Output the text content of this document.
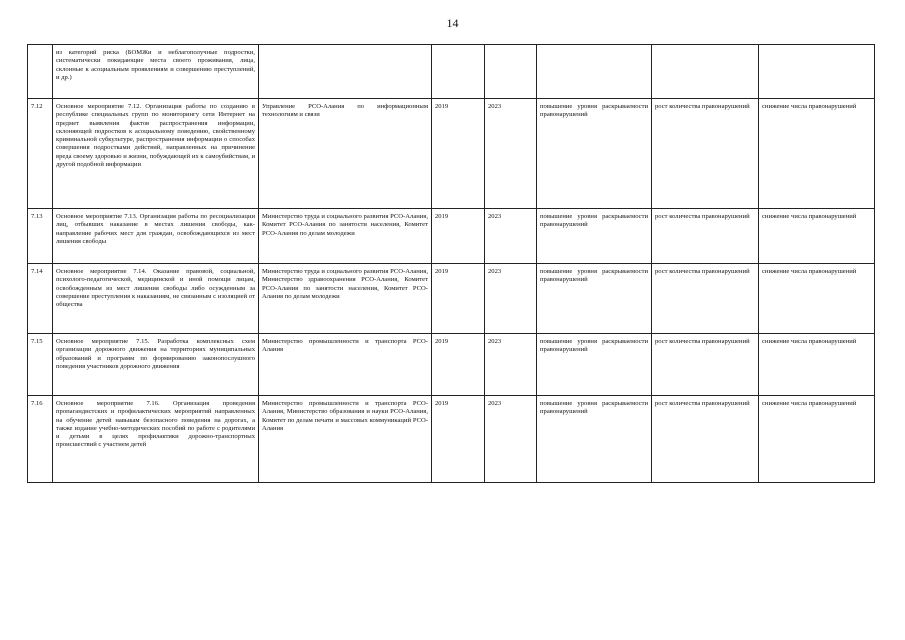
14
	из категорий риска (БОМЖи и неблагополучные подростки, систематически покидающие места своего проживания, лица, склонные к асоциальным проявлениям и совершению преступлений, и др.)						
7.12	Основное мероприятие 7.12. Организация работы по созданию в республике специальных групп по мониторингу сети Интернет на предмет выявления фактов распространения информации, склоняющей подростков к асоциальному поведению, свойственному криминальной субкультуре, распространения информации о способах совершения подростками действий, направленных на причинение вреда своему здоровью и жизни, побуждающей их к самоубийствам, и другой подобной информации	Управление РСО-Алания по информационным технологиям и связи	2019	2023	повышение уровня раскрываемости правонарушений	рост количества правонарушений	снижение числа правонарушений
7.13	Основное мероприятие 7.13. Организация работы по ресоциализации лиц, отбывших наказание в местах лишения свободы, как-направление рабочих мест для граждан, освобождающихся из мест лишения свободы	Министерство труда и социального развития РСО-Алания, Комитет РСО-Алания по занятости населения, Комитет РСО-Алания по делам молодежи	2019	2023	повышение уровня раскрываемости правонарушений	рост количества правонарушений	снижение числа правонарушений
7.14	Основное мероприятие 7.14. Оказание правовой, социальной, психолого-педагогической, медицинской и иной помощи лицам, освобожденным из мест лишения свободы либо осужденным за совершение преступления к наказаниям, не связанным с изоляцией от общества	Министерство труда и социального развития РСО-Алания, Министерство здравоохранения РСО-Алания, Комитет РСО-Алания по занятости населения, Комитет РСО-Алания по делам молодежи	2019	2023	повышение уровня раскрываемости правонарушений	рост количества правонарушений	снижение числа правонарушений
7.15	Основное мероприятие 7.15. Разработка комплексных схем организации дорожного движения на территориях муниципальных образований и программ по формированию законопослушного поведения участников дорожного движения	Министерство промышленности и транспорта РСО-Алания	2019	2023	повышение уровня раскрываемости правонарушений	рост количества правонарушений	снижение числа правонарушений
7.16	Основное мероприятие 7.16. Организация проведения пропагандистских и профилактических мероприятий направленных на обучение детей навыкам безопасного поведения на дорогах, а также издание учебно-методических пособий по работе с родителями и детьми в целях профилактики дорожно-транспортных происшествий с участием детей	Министерство промышленности и транспорта РСО-Алания, Министерство образования и науки РСО-Алания, Комитет по делам печати и массовых коммуникаций РСО-Алания	2019	2023	повышение уровня раскрываемости правонарушений	рост количества правонарушений	снижение числа правонарушений
